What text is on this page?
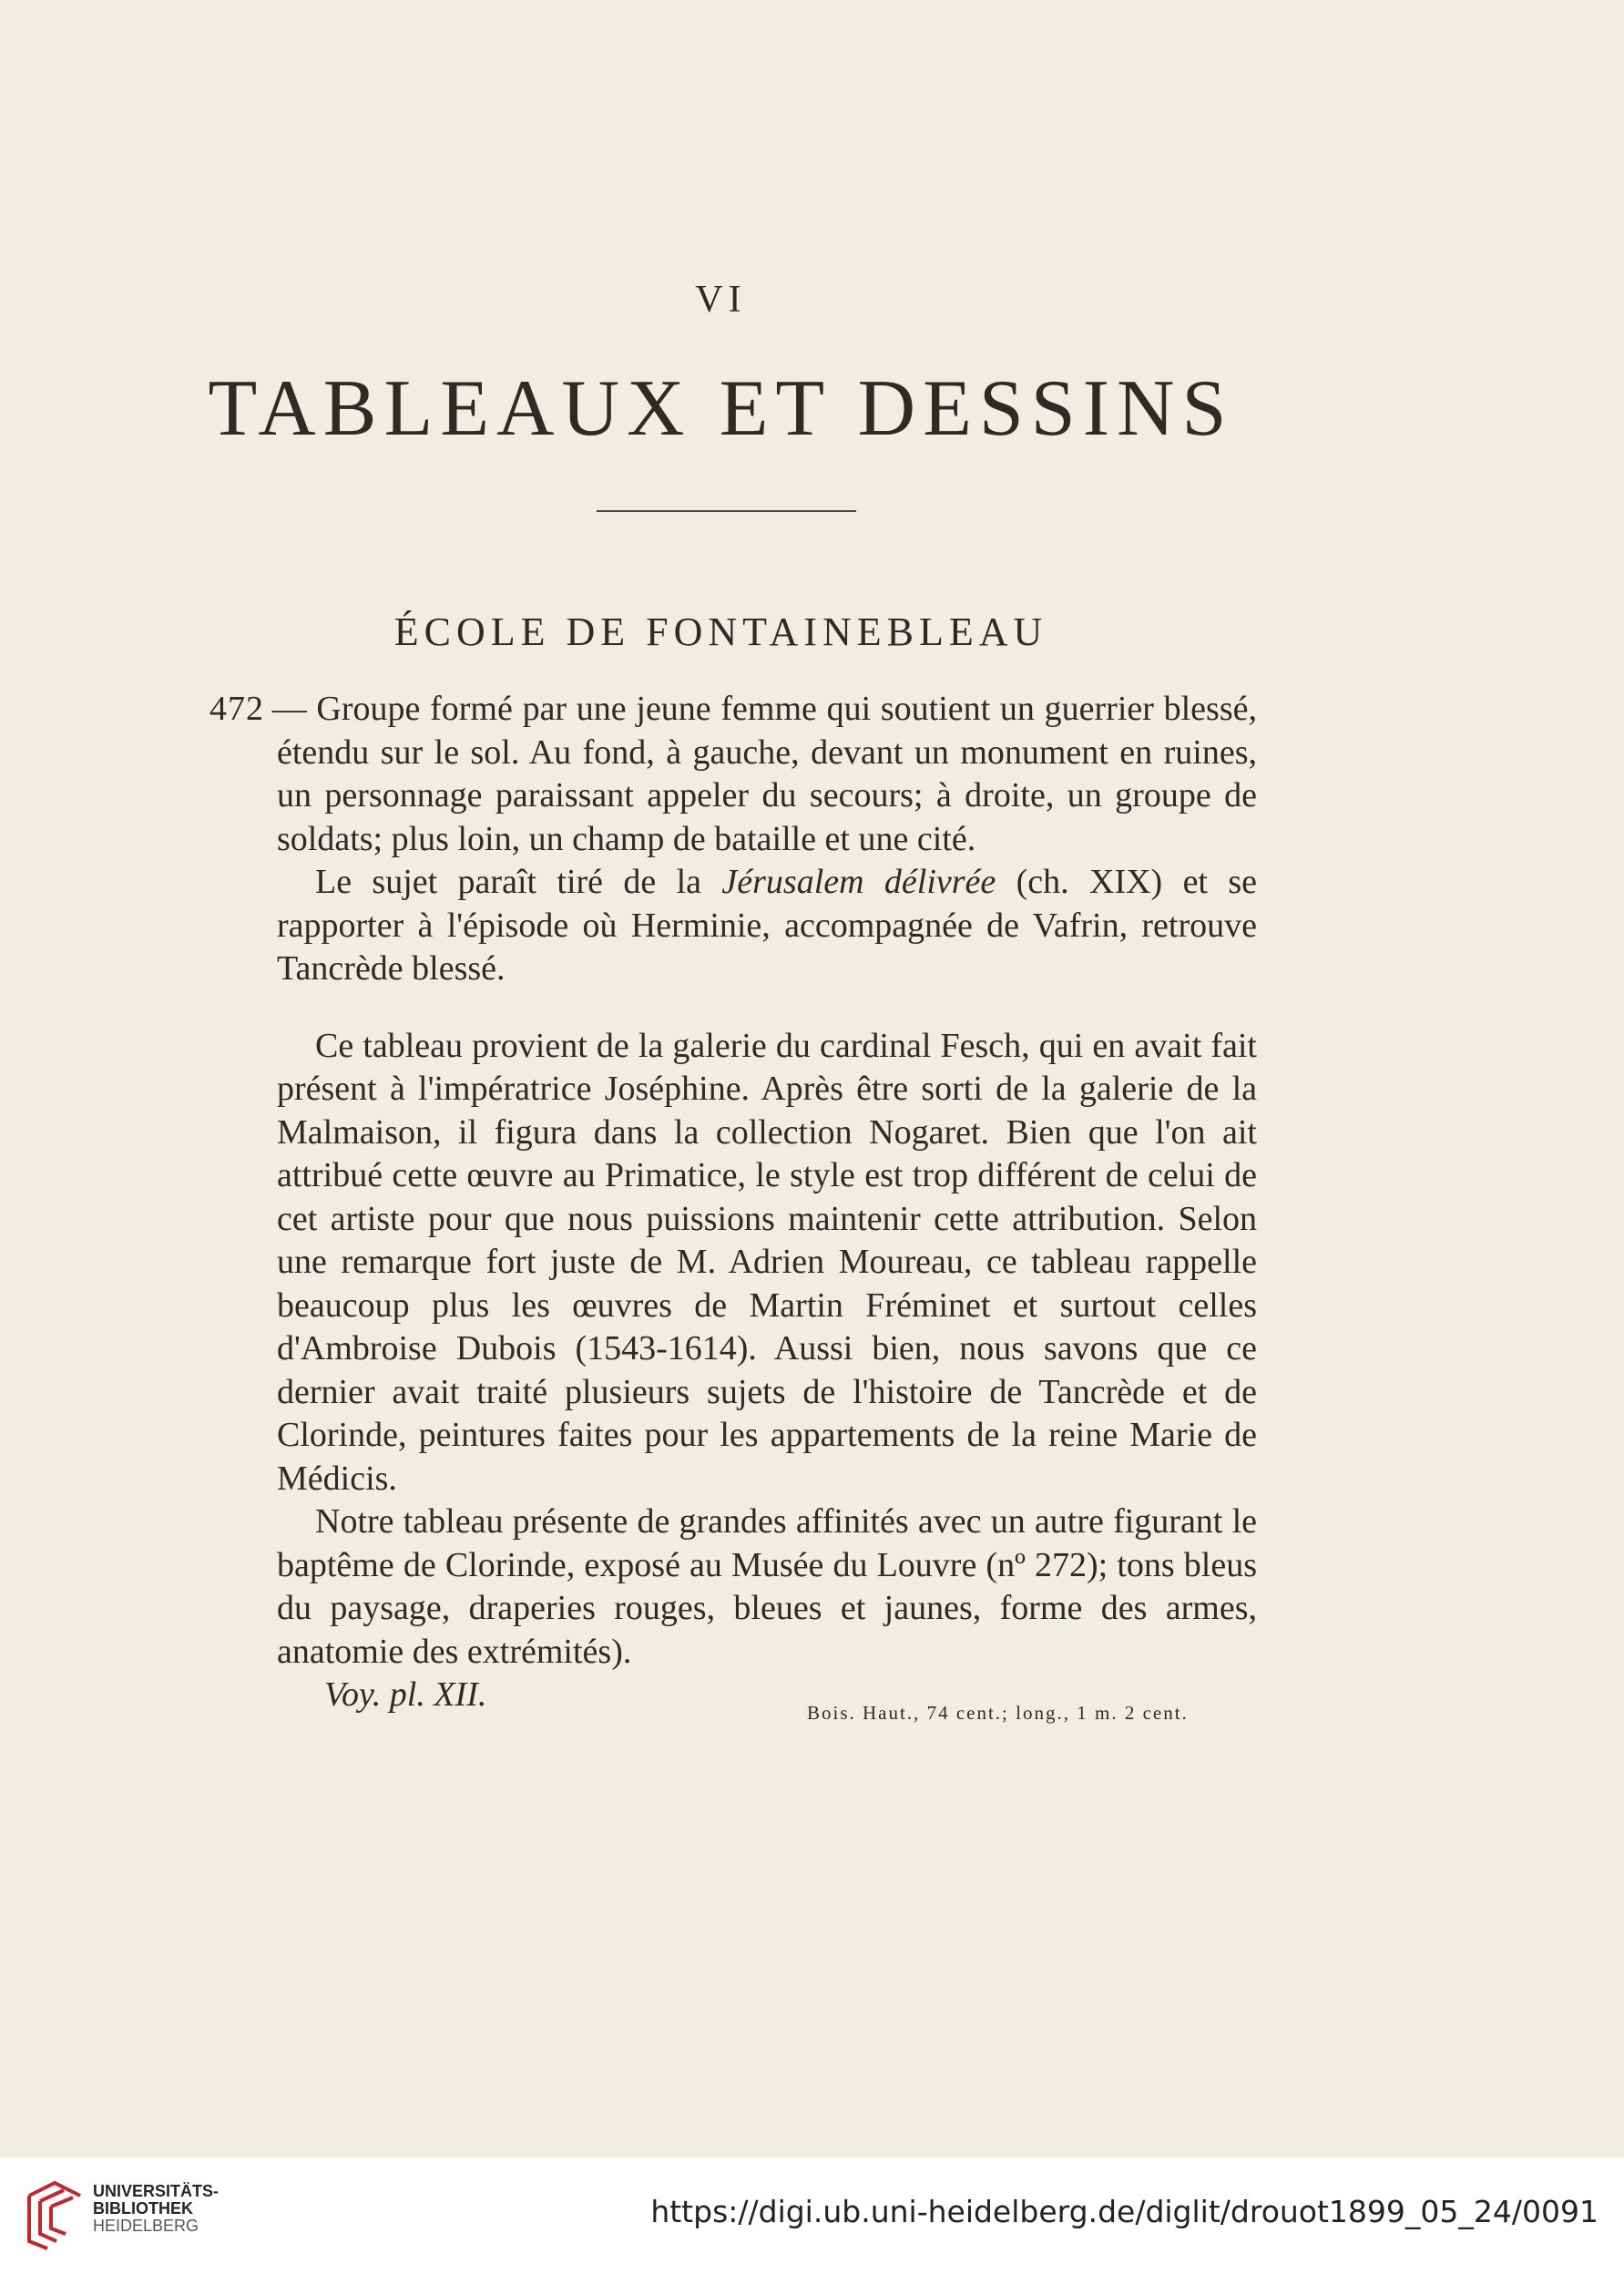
VI
TABLEAUX ET DESSINS
ÉCOLE DE FONTAINEBLEAU

472 — Groupe formé par une jeune femme qui soutient un guerrier blessé, étendu sur le sol. Au fond, à gauche, devant un monument en ruines, un personnage paraissant appeler du secours; à droite, un groupe de soldats; plus loin, un champ de bataille et une cité.

Le sujet paraît tiré de la Jérusalem délivrée (ch. XIX) et se rapporter à l'épisode où Herminie, accompagnée de Vafrin, retrouve Tancrède blessé.

Ce tableau provient de la galerie du cardinal Fesch, qui en avait fait présent à l'impératrice Joséphine. Après être sorti de la galerie de la Malmaison, il figura dans la collection Nogaret. Bien que l'on ait attribué cette œuvre au Primatice, le style est trop différent de celui de cet artiste pour que nous puissions maintenir cette attribution. Selon une remarque fort juste de M. Adrien Moureau, ce tableau rappelle beaucoup plus les œuvres de Martin Fréminet et surtout celles d'Ambroise Dubois (1543-1614). Aussi bien, nous savons que ce dernier avait traité plusieurs sujets de l'histoire de Tancrède et de Clorinde, peintures faites pour les appartements de la reine Marie de Médicis.

Notre tableau présente de grandes affinités avec un autre figurant le baptême de Clorinde, exposé au Musée du Louvre (nº 272); tons bleus du paysage, draperies rouges, bleues et jaunes, forme des armes, anatomie des extrémités).

Voy. pl. XII.	Bois. Haut., 74 cent.; long., 1 m. 2 cent.
UNIVERSITÄTS-
BIBLIOTHEK
HEIDELBERG	https://digi.ub.uni-heidelberg.de/diglit/drouot1899_05_24/0091
